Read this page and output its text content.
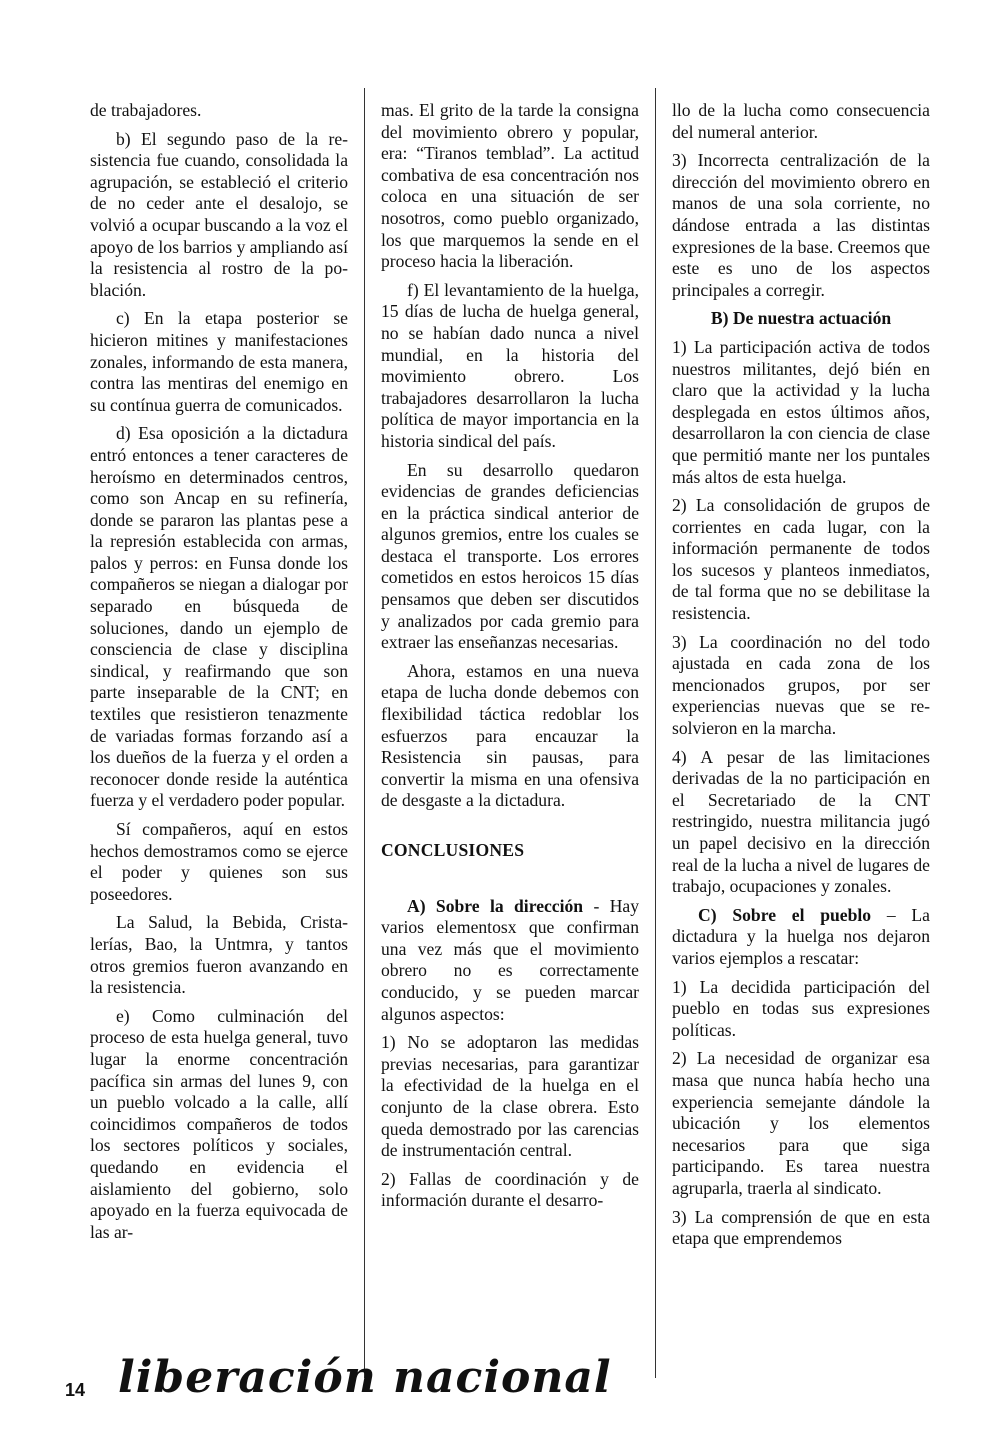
de trabajadores.

b) El segundo paso de la resistencia fue cuando, consolidada la agrupación, se estableció el criterio de no ceder ante el desalojo, se volvió a ocupar buscando a la voz el apoyo de los barrios y ampliando así la resistencia al rostro de la población.

c) En la etapa posterior se hicieron mitines y manifestaciones zonales, informando de esta manera, contra las mentiras del enemigo en su contínua guerra de comunicados.

d) Esa oposición a la dictadura entró entonces a tener caracteres de heroísmo en determinados centros, como son Ancap en su refinería, donde se pararon las plantas pese a la represión establecida con armas, palos y perros: en Funsa donde los compañeros se niegan a dialogar por separado en búsqueda de soluciones, dando un ejemplo de consciencia de clase y disciplina sindical, y reafirmando que son parte inseparable de la CNT; en textiles que resistieron tenazmente de variadas formas forzando así a los dueños de la fuerza y el orden a reconocer donde reside la auténtica fuerza y el verdadero poder popular.

Sí compañeros, aquí en estos hechos demostramos como se ejerce el poder y quienes son sus poseedores.

La Salud, la Bebida, Cristalerías, Bao, la Untmra, y tantos otros gremios fueron avanzando en la resistencia.

e) Como culminación del proceso de esta huelga general, tuvo lugar la enorme concentración pacífica sin armas del lunes 9, con un pueblo volcado a la calle, allí coincidimos compañeros de todos los sectores políticos y sociales, quedando en evidencia el aislamiento del gobierno, solo apoyado en la fuerza equivocada de las ar-

mas. El grito de la tarde la consigna del movimiento obrero y popular, era: “Tiranos temblad”. La actitud combativa de esa concentración nos coloca en una situación de ser nosotros, como pueblo organizado, los que marquemos la sende en el proceso hacia la liberación.

f) El levantamiento de la huelga, 15 días de lucha de huelga general, no se habían dado nunca a nivel mundial, en la historia del movimiento obrero. Los trabajadores desarrollaron la lucha política de mayor importancia en la historia sindical del país.

En su desarrollo quedaron evidencias de grandes deficiencias en la práctica sindical anterior de algunos gremios, entre los cuales se destaca el transporte. Los errores cometidos en estos heroicos 15 días pensamos que deben ser discutidos y analizados por cada gremio para extraer las enseñanzas necesarias.

Ahora, estamos en una nueva etapa de lucha donde debemos con flexibilidad táctica redoblar los esfuerzos para encauzar la Resistencia sin pausas, para convertir la misma en una ofensiva de desgaste a la dictadura.

CONCLUSIONES

A) Sobre la dirección - Hay varios elementosx que confirman una vez más que el movimiento obrero no es correctamente conducido, y se pueden marcar algunos aspectos:

1) No se adoptaron las medidas previas necesarias, para garantizar la efectividad de la huelga en el conjunto de la clase obrera. Esto queda demostrado por las carencias de instrumentación central.

2) Fallas de coordinación y de información durante el desarro-

llo de la lucha como consecuencia del numeral anterior.

3) Incorrecta centralización de la dirección del movimiento obrero en manos de una sola corriente, no dándose entrada a las distintas expresiones de la base. Creemos que este es uno de los aspectos principales a corregir.

B) De nuestra actuación

1) La participación activa de todos nuestros militantes, dejó bién en claro que la actividad y la lucha desplegada en estos últimos años, desarrollaron la con ciencia de clase que permitió mante ner los puntales más altos de esta huelga.

2) La consolidación de grupos de corrientes en cada lugar, con la información permanente de todos los sucesos y planteos inmediatos, de tal forma que no se debilitase la resistencia.

3) La coordinación no del todo ajustada en cada zona de los mencionados grupos, por ser experiencias nuevas que se resolvieron en la marcha.

4) A pesar de las limitaciones derivadas de la no participación en el Secretariado de la CNT restringido, nuestra militancia jugó un papel decisivo en la dirección real de la lucha a nivel de lugares de trabajo, ocupaciones y zonales.

C) Sobre el pueblo – La dictadura y la huelga nos dejaron varios ejemplos a rescatar:

1) La decidida participación del pueblo en todas sus expresiones políticas.

2) La necesidad de organizar esa masa que nunca había hecho una experiencia semejante dándole la ubicación y los elementos necesarios para que siga participando. Es tarea nuestra agruparla, traerla al sindicato.

3) La comprensión de que en esta etapa que emprendemos

14 liberación nacional
